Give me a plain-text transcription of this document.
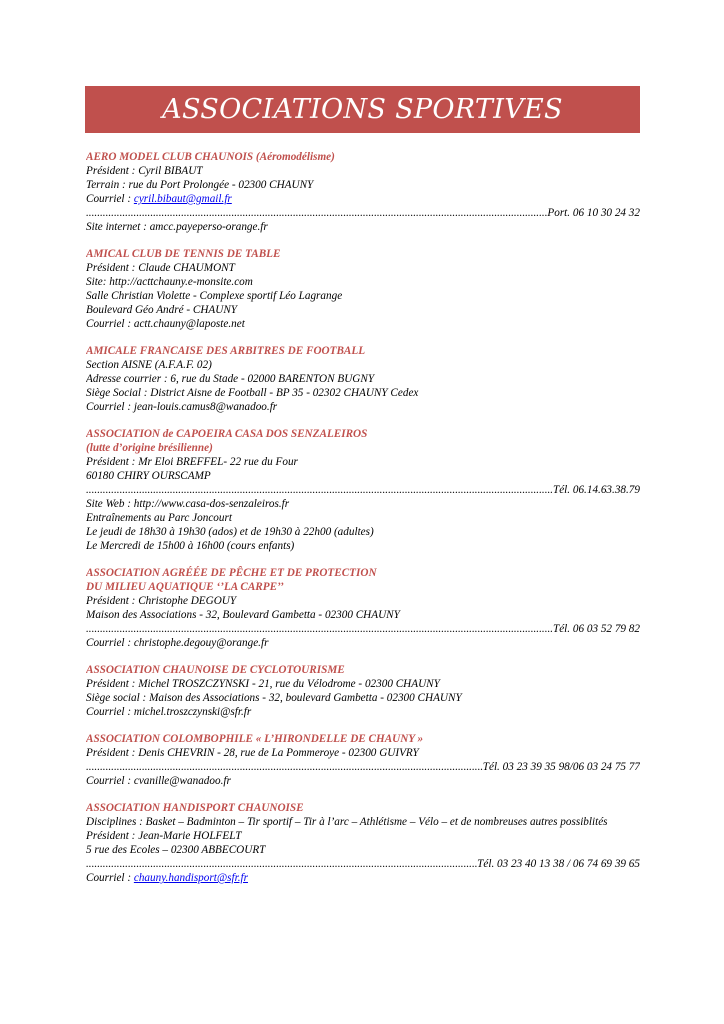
ASSOCIATIONS SPORTIVES
AERO MODEL CLUB CHAUNOIS (Aéromodélisme)
Président : Cyril BIBAUT
Terrain : rue du Port Prolongée - 02300 CHAUNY
Courriel : cyril.bibaut@gmail.fr
.....
Port. 06 10 30 24 32
Site internet : amcc.payeperso-orange.fr
AMICAL CLUB DE TENNIS DE TABLE
Président : Claude CHAUMONT
Site: http://acttchauny.e-monsite.com
Salle Christian Violette - Complexe sportif Léo Lagrange
Boulevard Géo André - CHAUNY
Courriel : actt.chauny@laposte.net
AMICALE FRANCAISE DES ARBITRES DE FOOTBALL
Section AISNE (A.F.A.F. 02)
Adresse courrier : 6, rue du Stade - 02000 BARENTON BUGNY
Siège Social : District Aisne de Football - BP 35 - 02302 CHAUNY Cedex
Courriel : jean-louis.camus8@wanadoo.fr
ASSOCIATION de CAPOEIRA CASA DOS SENZALEIROS
(lutte d’origine brésilienne)
Président : Mr Eloi BREFFEL- 22 rue du Four
60180 CHIRY OURSCAMP
.....
Tél. 06.14.63.38.79
Site Web : http://www.casa-dos-senzaleiros.fr
Entraînements au Parc Joncourt
Le jeudi de 18h30 à 19h30 (ados) et de 19h30 à 22h00 (adultes)
Le Mercredi de 15h00 à 16h00 (cours enfants)
ASSOCIATION AGRÉÉE DE PÊCHE ET DE PROTECTION
DU MILIEU AQUATIQUE ‘’LA CARPE’’
Président : Christophe DEGOUY
Maison des Associations - 32, Boulevard Gambetta - 02300 CHAUNY
.....
Tél. 06 03 52 79 82
Courriel : christophe.degouy@orange.fr
ASSOCIATION CHAUNOISE DE CYCLOTOURISME
Président : Michel TROSZCZYNSKI - 21, rue du Vélodrome - 02300 CHAUNY
Siège social : Maison des Associations - 32, boulevard Gambetta - 02300 CHAUNY
Courriel : michel.troszczynski@sfr.fr
ASSOCIATION COLOMBOPHILE « L’HIRONDELLE DE CHAUNY »
Président : Denis CHEVRIN - 28, rue de La Pommeroye - 02300 GUIVRY
.....
Tél. 03 23 39 35 98/06 03 24 75 77
Courriel : cvanille@wanadoo.fr
ASSOCIATION HANDISPORT CHAUNOISE
Disciplines : Basket – Badminton – Tir sportif – Tir à l’arc – Athlétisme – Vélo – et de nombreuses autres possiblités
Président : Jean-Marie HOLFELT
5 rue des Ecoles – 02300 ABBECOURT
.....
Tél. 03 23 40 13 38 / 06 74 69 39 65
Courriel : chauny.handisport@sfr.fr
